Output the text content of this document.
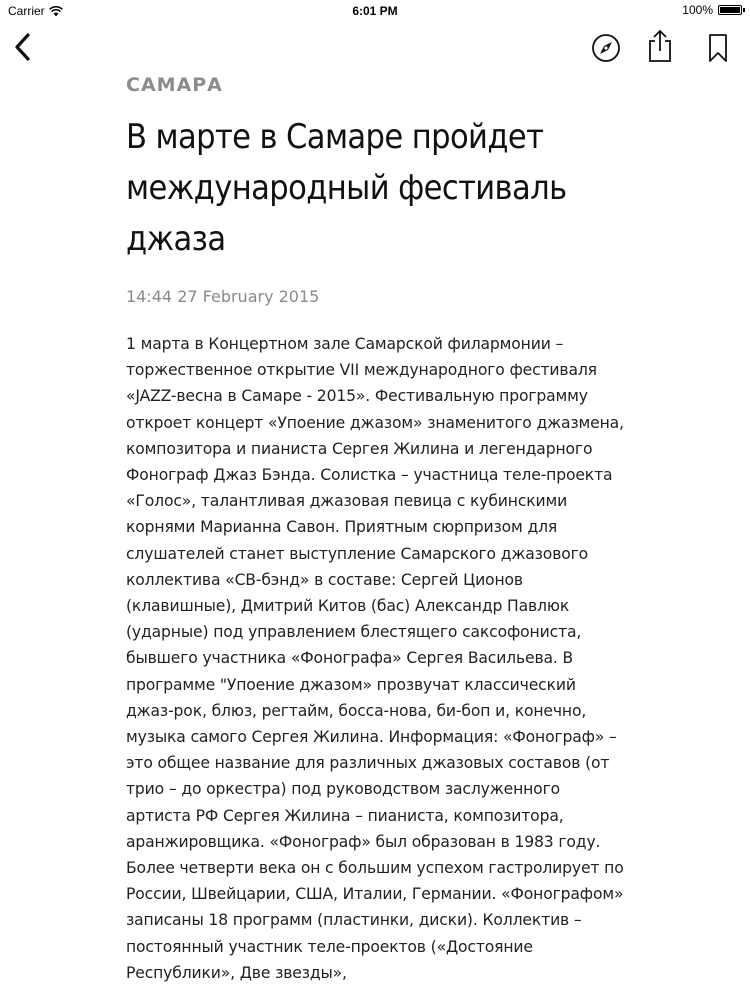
Carrier	6:01 PM	100%
САМАРА
В марте в Самаре пройдет международный фестиваль джаза
14:44 27 February 2015
1 марта в Концертном зале Самарской филармонии – торжественное открытие VII международного фестиваля «JAZZ-весна в Самаре - 2015». Фестивальную программу откроет концерт «Упоение джазом» знаменитого джазмена, композитора и пианиста Сергея Жилина и легендарного Фонограф Джаз Бэнда. Солистка – участница теле-проекта «Голос», талантливая джазовая певица с кубинскими корнями Марианна Савон. Приятным сюрпризом для слушателей станет выступление Самарского джазового коллектива «СВ-бэнд» в составе: Сергей Ционов (клавишные), Дмитрий Китов (бас) Александр Павлюк (ударные) под управлением блестящего саксофониста, бывшего участника «Фонографа» Сергея Васильева. В программе "Упоение джазом» прозвучат классический джаз-рок, блюз, регтайм, босса-нова, би-боп и, конечно, музыка самого Сергея Жилина. Информация: «Фонограф» – это общее название для различных джазовых составов (от трио – до оркестра) под руководством заслуженного артиста РФ Сергея Жилина – пианиста, композитора, аранжировщика. «Фонограф» был образован в 1983 году. Более четверти века он с большим успехом гастролирует по России, Швейцарии, США, Италии, Германии. «Фонографом» записаны 18 программ (пластинки, диски). Коллектив – постоянный участник теле-проектов («Достояние Республики», Две звезды»,
